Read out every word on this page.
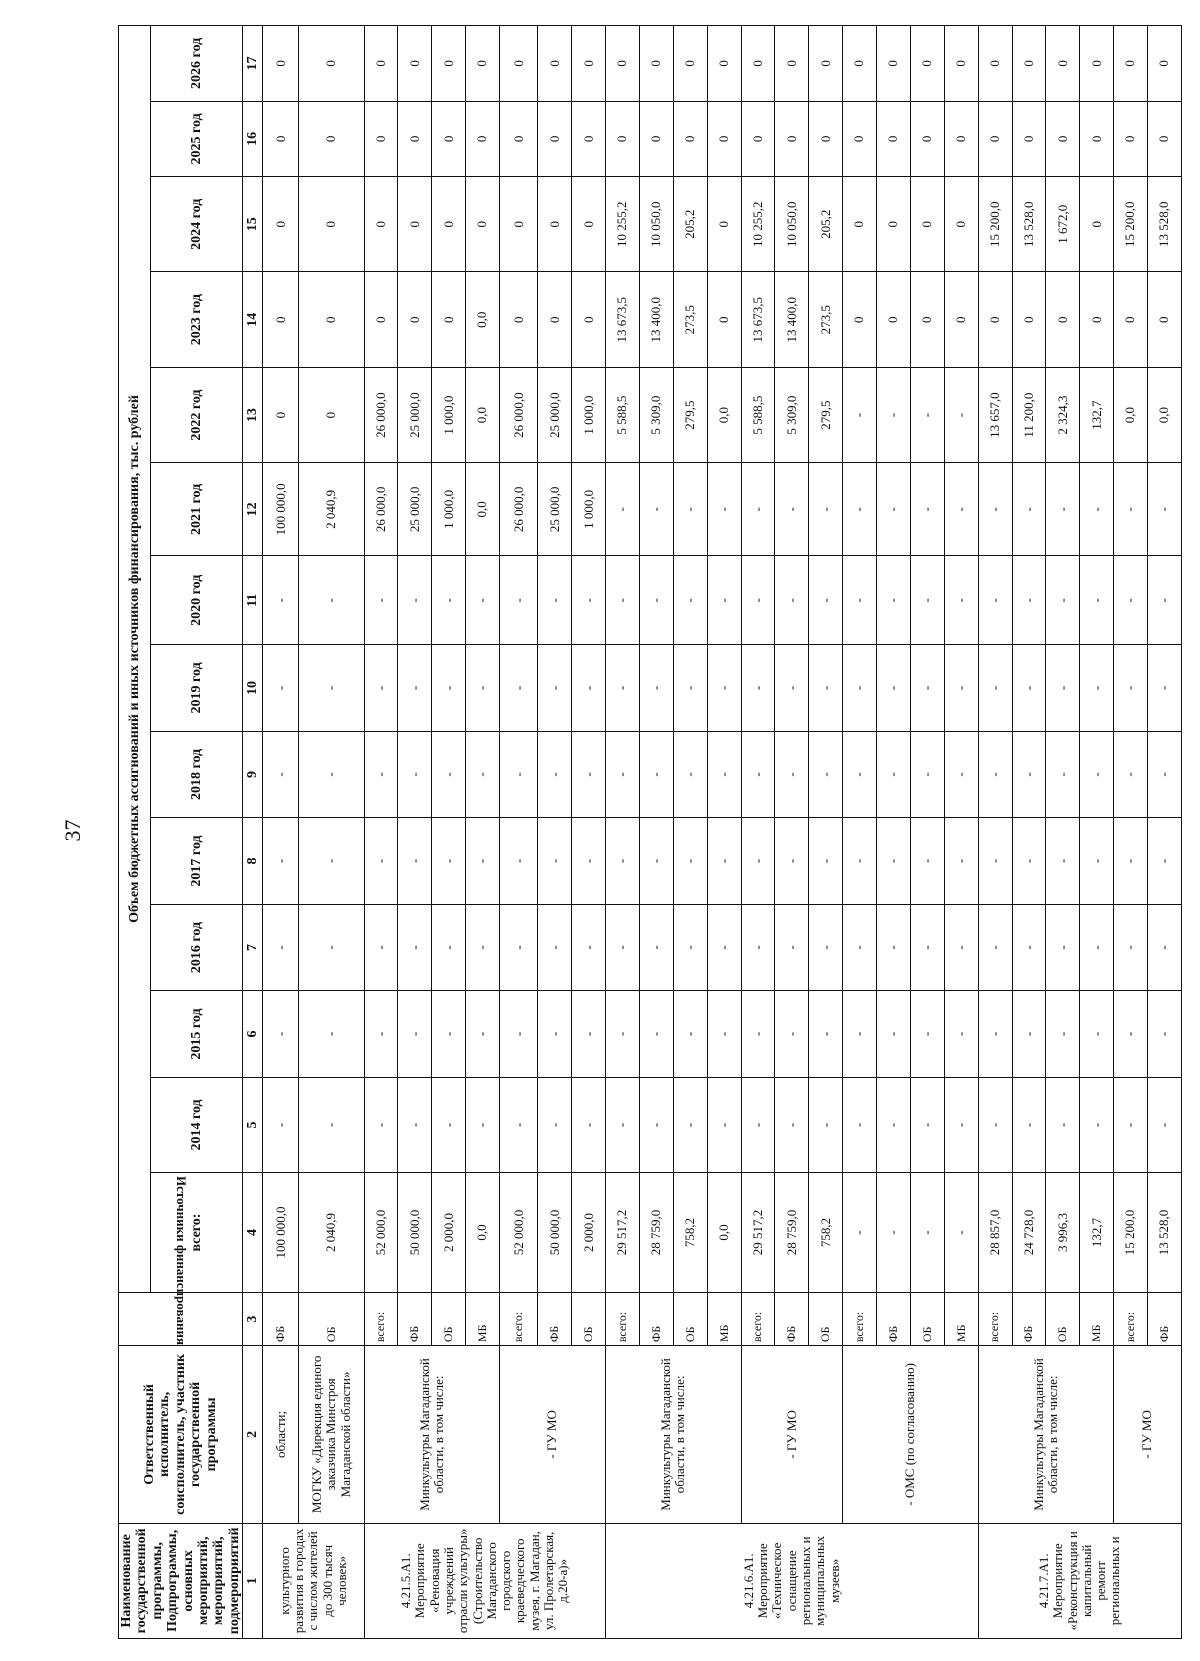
37
Наименование государственной программы, Подпрограммы, основных мероприятий, мероприятий, подмероприятий	Ответственный исполнитель, соисполнитель, участник государственной программы	Источники финансирования	Объем бюджетных ассигнований и иных источников финансирования, тыс. рублей													
			всего:	2014 год	2015 год	2016 год	2017 год	2018 год	2019 год	2020 год	2021 год	2022 год	2023 год	2024 год	2025 год	2026 год
1	2	3	4	5	6	7	8	9	10	11	12	13	14	15	16	17
культурного развития в городах с числом жителей до 300 тысяч человек»	области;	ФБ	100 000,0	-	-	-	-	-	-	-	100 000,0	0	0	0	0	0
	МОГКУ «Дирекция единого заказчика Минстроя Магаданской области»	ОБ	2 040,9	-	-	-	-	-	-	-	2 040,9	0	0	0	0	0
4.21.5.А1. Мероприятие «Реновация учреждений отрасли культуры» (Строительство Магаданского городского краеведческого музея, г. Магадан, ул. Пролетарская, д.20-а)»	Минкультуры Магаданской области, в том числе:	всего:	52 000,0	-	-	-	-	-	-	-	26 000,0	26 000,0	0	0	0	0
		ФБ	50 000,0	-	-	-	-	-	-	-	25 000,0	25 000,0	0	0	0	0
		ОБ	2 000,0	-	-	-	-	-	-	-	1 000,0	1 000,0	0	0	0	0
		МБ	0,0	-	-	-	-	-	-	-	0,0	0,0	0,0	0	0	0
	- ГУ МО	всего:	52 000,0	-	-	-	-	-	-	-	26 000,0	26 000,0	0	0	0	0
		ФБ	50 000,0	-	-	-	-	-	-	-	25 000,0	25 000,0	0	0	0	0
		ОБ	2 000,0	-	-	-	-	-	-	-	1 000,0	1 000,0	0	0	0	0
4.21.6.А1. Мероприятие «Техническое оснащение региональных и муниципальных музеев»	Минкультуры Магаданской области, в том числе:	всего:	29 517,2	-	-	-	-	-	-	-	-	5 588,5	13 673,5	10 255,2	0	0
		ФБ	28 759,0	-	-	-	-	-	-	-	-	5 309,0	13 400,0	10 050,0	0	0
		ОБ	758,2	-	-	-	-	-	-	-	-	279,5	273,5	205,2	0	0
		МБ	0,0	-	-	-	-	-	-	-	-	0,0	0	0	0	0
	- ГУ МО	всего:	29 517,2	-	-	-	-	-	-	-	-	5 588,5	13 673,5	10 255,2	0	0
		ФБ	28 759,0	-	-	-	-	-	-	-	-	5 309,0	13 400,0	10 050,0	0	0
		ОБ	758,2	-	-	-	-	-	-	-	-	279,5	273,5	205,2	0	0
	- ОМС (по согласованию)	всего:	-	-	-	-	-	-	-	-	-	-	0	0	0	0
		ФБ	-	-	-	-	-	-	-	-	-	-	0	0	0	0
		ОБ	-	-	-	-	-	-	-	-	-	-	0	0	0	0
		МБ	-	-	-	-	-	-	-	-	-	-	0	0	0	0
4.21.7.А1. Мероприятие «Реконструкция и капитальный ремонт региональных и	Минкультуры Магаданской области, в том числе:	всего:	28 857,0	-	-	-	-	-	-	-	-	13 657,0	0	15 200,0	0	0
		ФБ	24 728,0	-	-	-	-	-	-	-	-	11 200,0	0	13 528,0	0	0
		ОБ	3 996,3	-	-	-	-	-	-	-	-	2 324,3	0	1 672,0	0	0
		МБ	132,7	-	-	-	-	-	-	-	-	132,7	0	0	0	0
	- ГУ МО	всего:	15 200,0	-	-	-	-	-	-	-	-	0,0	0	15 200,0	0	0
		ФБ	13 528,0	-	-	-	-	-	-	-	-	0,0	0	13 528,0	0	0
